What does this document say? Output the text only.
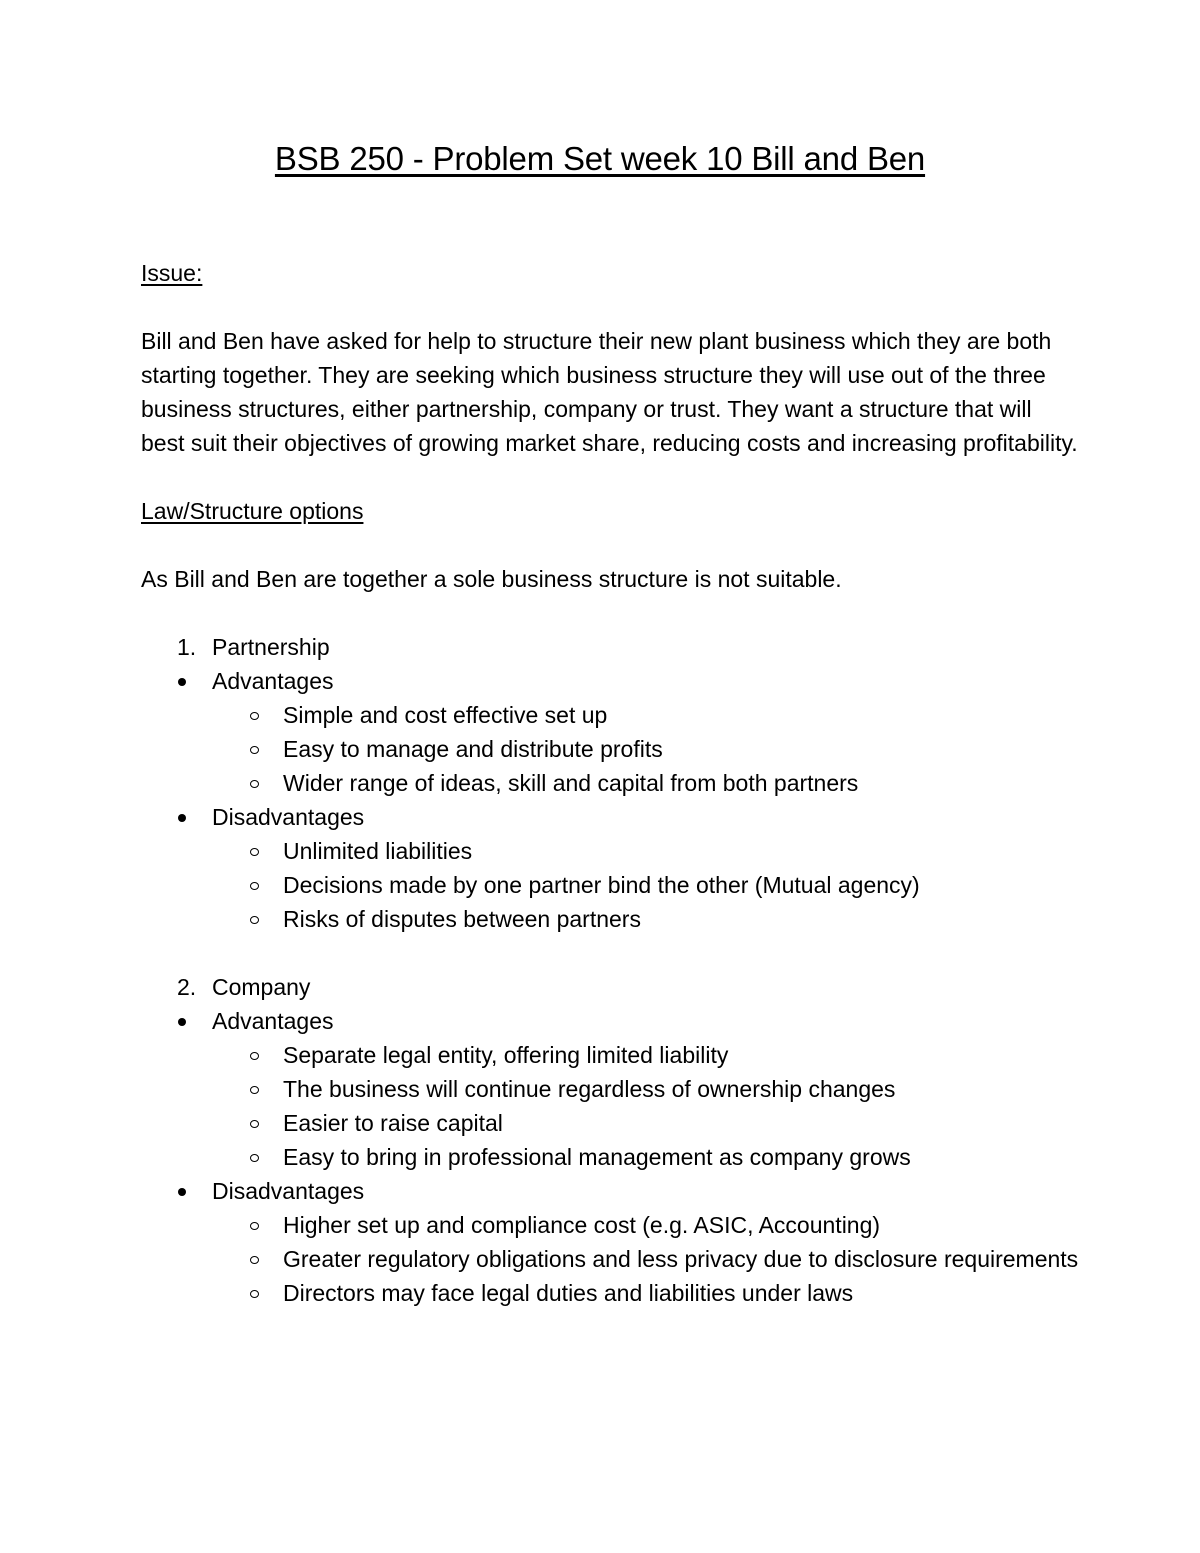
BSB 250 - Problem Set week 10 Bill and Ben

Issue:

Bill and Ben have asked for help to structure their new plant business which they are both starting together. They are seeking which business structure they will use out of the three business structures, either partnership, company or trust. They want a structure that will best suit their objectives of growing market share, reducing costs and increasing profitability.

Law/Structure options

As Bill and Ben are together a sole business structure is not suitable.

1. Partnership
Advantages
Simple and cost effective set up
Easy to manage and distribute profits
Wider range of ideas, skill and capital from both partners
Disadvantages
Unlimited liabilities
Decisions made by one partner bind the other (Mutual agency)
Risks of disputes between partners
2. Company
Advantages
Separate legal entity, offering limited liability
The business will continue regardless of ownership changes
Easier to raise capital
Easy to bring in professional management as company grows
Disadvantages
Higher set up and compliance cost (e.g. ASIC, Accounting)
Greater regulatory obligations and less privacy due to disclosure requirements
Directors may face legal duties and liabilities under laws
